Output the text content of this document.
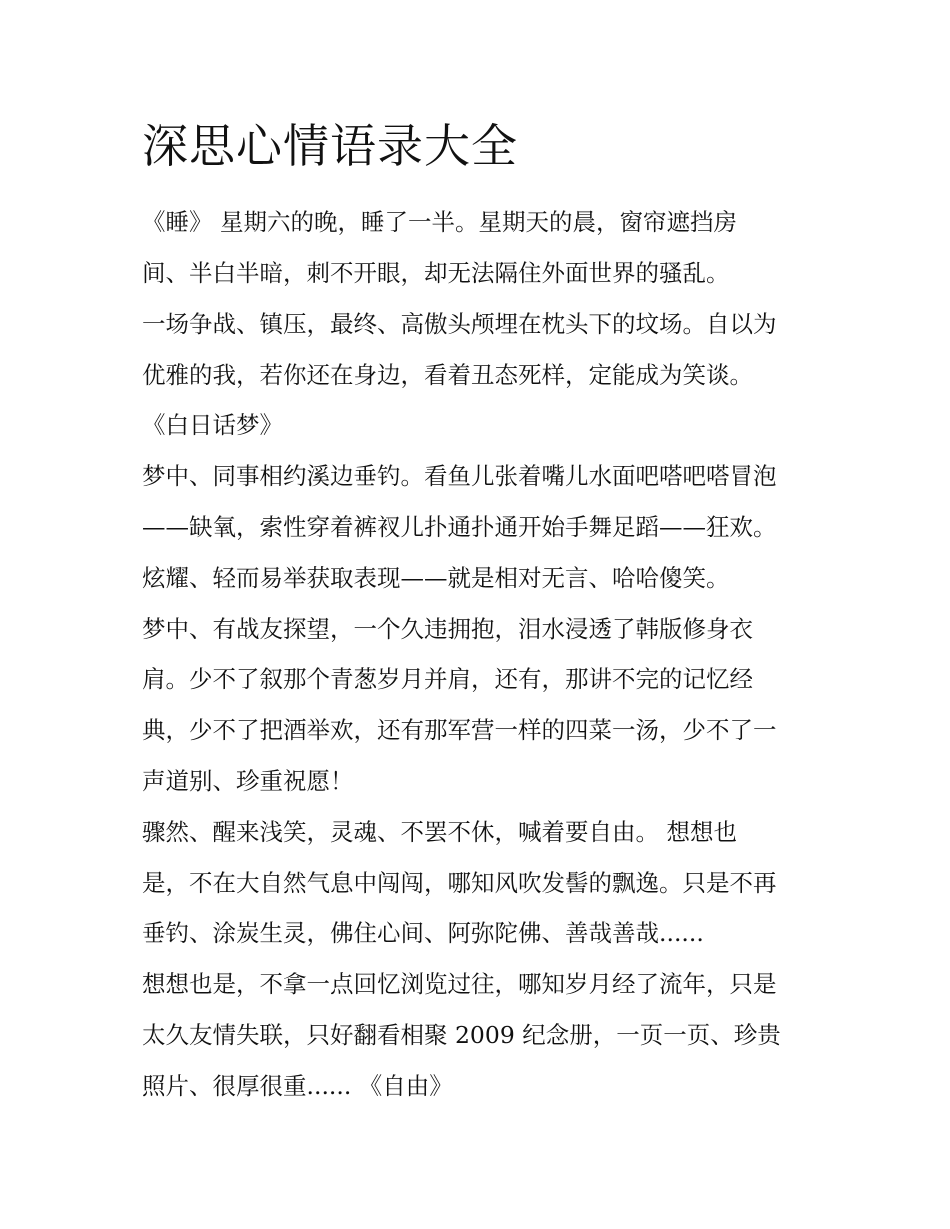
深思心情语录大全

《睡》 星期六的晚，睡了一半。星期天的晨，窗帘遮挡房

间、半白半暗，刺不开眼，却无法隔住外面世界的骚乱。

一场争战、镇压，最终、高傲头颅埋在枕头下的坟场。自以为

优雅的我，若你还在身边，看着丑态死样，定能成为笑谈。

《白日话梦》

梦中、同事相约溪边垂钓。看鱼儿张着嘴儿水面吧嗒吧嗒冒泡

——缺氧，索性穿着裤衩儿扑通扑通开始手舞足蹈——狂欢。

炫耀、轻而易举获取表现——就是相对无言、哈哈傻笑。

梦中、有战友探望，一个久违拥抱，泪水浸透了韩版修身衣

肩。少不了叙那个青葱岁月并肩，还有，那讲不完的记忆经

典，少不了把酒举欢，还有那军营一样的四菜一汤，少不了一

声道别、珍重祝愿！

骤然、醒来浅笑，灵魂、不罢不休，喊着要自由。 想想也

是，不在大自然气息中闯闯，哪知风吹发髻的飘逸。只是不再

垂钓、涂炭生灵，佛住心间、阿弥陀佛、善哉善哉......

想想也是，不拿一点回忆浏览过往，哪知岁月经了流年，只是

太久友情失联，只好翻看相聚 2009 纪念册，一页一页、珍贵

照片、很厚很重...... 《自由》
